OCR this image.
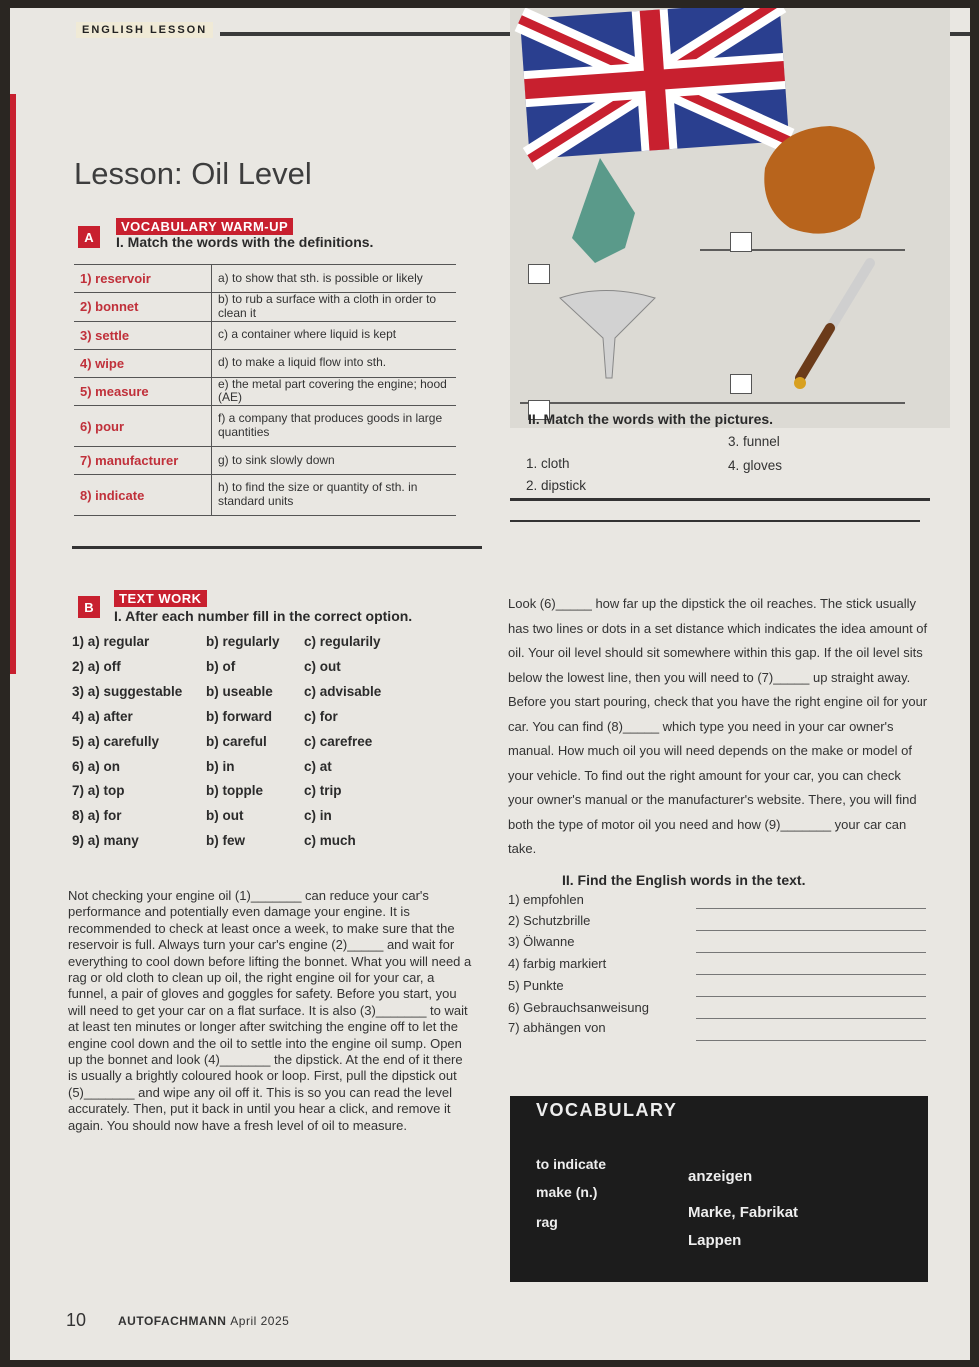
ENGLISH LESSON
Lesson: Oil Level
II. Match the words with the pictures.
3. funnel
1. cloth	4. gloves
2. dipstick
A
VOCABULARY WARM-UP
I. Match the words with the definitions.
1) reservoir	a) to show that sth. is possible or likely
2) bonnet	b) to rub a surface with a cloth in order to clean it
3) settle	c) a container where liquid is kept
4) wipe	d) to make a liquid flow into sth.
5) measure	e) the metal part covering the engine; hood (AE)
6) pour	f) a company that produces goods in large quantities
7) manufacturer	g) to sink slowly down
8) indicate	h) to find the size or quantity of sth. in standard units
B
TEXT WORK
I. After each number fill in the correct option.
1) a) regular	b) regularly c) regularily
2) a) off	b) of	c) out
3) a) suggestable b) useable c) advisable
4) a) after	b) forward c) for
5) a) carefully	b) careful	c) carefree
6) a) on	b) in	c) at
7) a) top	b) topple	c) trip
8) a) for	b) out	c) in
9) a) many	b) few	c) much
Not checking your engine oil (1)_______ can reduce your car's performance and potentially even damage your engine. It is recommended to check at least once a week, to make sure that the reservoir is full. Always turn your car's engine (2)_____ and wait for everything to cool down before lifting the bonnet. What you will need a rag or old cloth to clean up oil, the right engine oil for your car, a funnel, a pair of gloves and goggles for safety. Before you start, you will need to get your car on a flat surface. It is also (3)_______ to wait at least ten minutes or longer after switching the engine off to let the engine cool down and the oil to settle into the engine oil sump. Open up the bonnet and look (4)_______ the dipstick. At the end of it there is usually a brightly coloured hook or loop. First, pull the dipstick out (5)_______ and wipe any oil off it. This is so you can read the level accurately. Then, put it back in until you hear a click, and remove it again. You should now have a fresh level of oil to measure.
Look (6)_____ how far up the dipstick the oil reaches. The stick usually has two lines or dots in a set distance which indicates the idea amount of oil. Your oil level should sit somewhere within this gap. If the oil level sits below the lowest line, then you will need to (7)_____ up straight away. Before you start pouring, check that you have the right engine oil for your car. You can find (8)_____ which type you need in your car owner's manual. How much oil you will need depends on the make or model of your vehicle. To find out the right amount for your car, you can check your owner's manual or the manufacturer's website. There, you will find both the type of motor oil you need and how (9)_______ your car can take.
II. Find the English words in the text.
1) empfohlen
2) Schutzbrille
3) Ölwanne
4) farbig markiert
5) Punkte
6) Gebrauchsanweisung
7) abhängen von
VOCABULARY
to indicate
anzeigen
make (n.)
Marke, Fabrikat
rag
Lappen
10	AUTOFACHMANN April 2025
